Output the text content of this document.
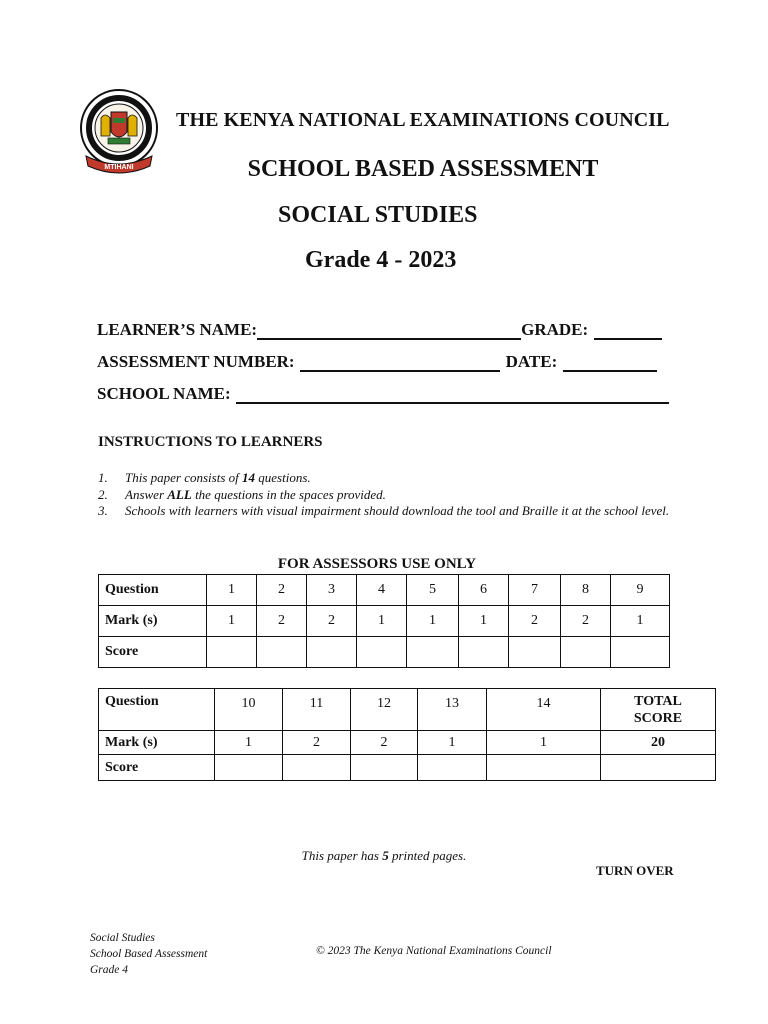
MTIHANI
THE KENYA NATIONAL EXAMINATIONS COUNCIL
SCHOOL BASED ASSESSMENT
SOCIAL STUDIES
Grade 4 - 2023
LEARNER’S NAME:	GRADE:
ASSESSMENT NUMBER:	DATE:
SCHOOL NAME:
INSTRUCTIONS TO LEARNERS
1.	This paper consists of 14 questions.
2.	Answer ALL the questions in the spaces provided.
3.	Schools with learners with visual impairment should download the tool and Braille it at the school level.
FOR ASSESSORS USE ONLY
Question	1	2	3	4	5	6	7	8	9
Mark (s)	1	2	2	1	1	1	2	2	1
Score									
Question	10	11	12	13	14	TOTAL SCORE
Mark (s)	1	2	2	1	1	20
Score						
This paper has 5 printed pages.
TURN OVER
Social Studies
School Based Assessment
Grade 4
© 2023 The Kenya National Examinations Council
